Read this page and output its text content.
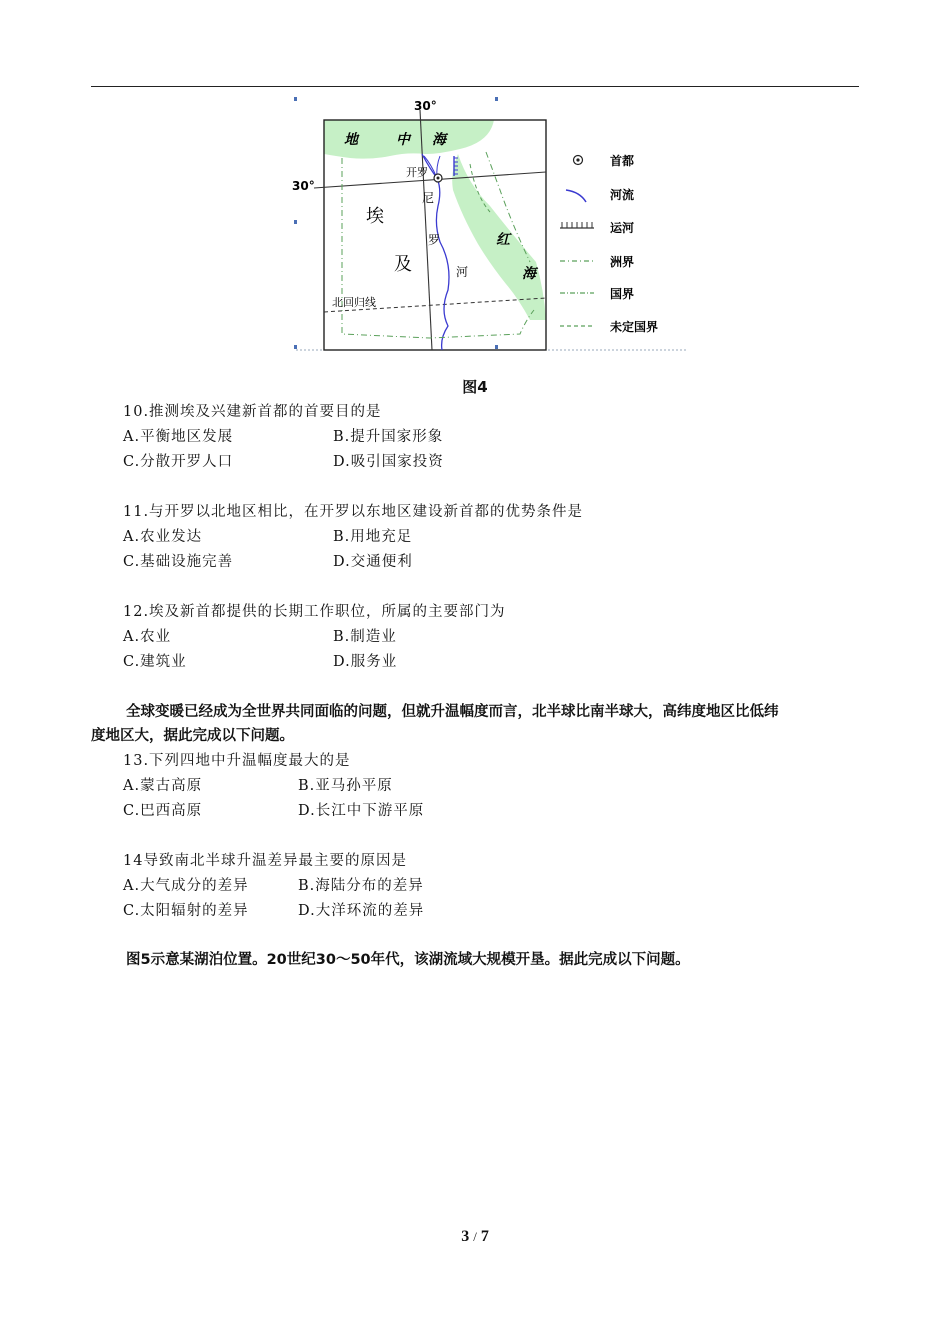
30°
30°
地	中 海
红
海
埃
及
尼
罗
河
开罗
北回归线
首都
河流
运河
洲界
国界
未定国界
图4
10.推测埃及兴建新首都的首要目的是
A.平衡地区发展	B.提升国家形象
C.分散开罗人口	D.吸引国家投资
11.与开罗以北地区相比，在开罗以东地区建设新首都的优势条件是
A.农业发达	B.用地充足
C.基础设施完善	D.交通便利
12.埃及新首都提供的长期工作职位，所属的主要部门为
A.农业	B.制造业
C.建筑业	D.服务业
全球变暖已经成为全世界共同面临的问题，但就升温幅度而言，北半球比南半球大，高纬度地区比低纬
度地区大，据此完成以下问题。
13.下列四地中升温幅度最大的是
A.蒙古高原	B.亚马孙平原
C.巴西高原	D.长江中下游平原
14导致南北半球升温差异最主要的原因是
A.大气成分的差异	B.海陆分布的差异
C.太阳辐射的差异	D.大洋环流的差异
图5示意某湖泊位置。20世纪30～50年代，该湖流域大规模开垦。据此完成以下问题。
3 / 7
